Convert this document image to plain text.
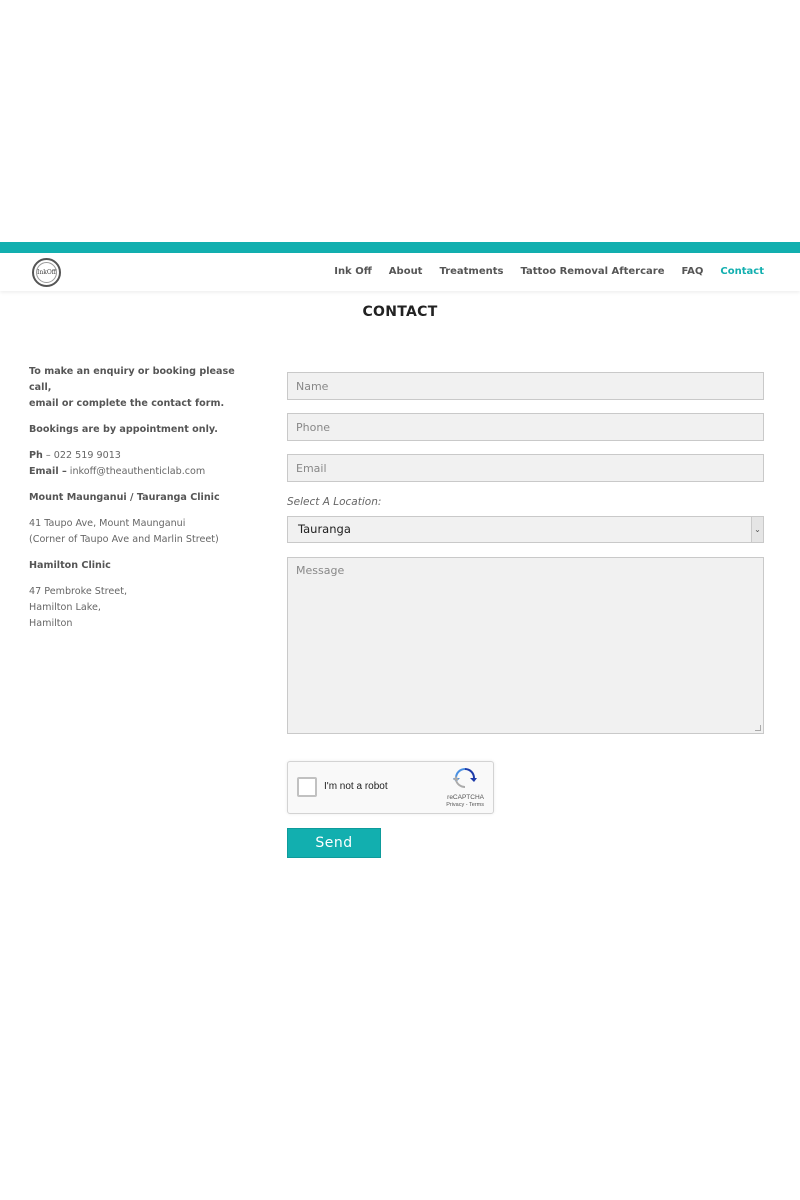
InkOff	Ink Off About Treatments Tattoo Removal Aftercare FAQ Contact
CONTACT

To make an enquiry or booking please call,
email or complete the contact form.

Bookings are by appointment only.

Ph – 022 519 9013
Email – inkoff@theauthenticlab.com

Mount Maunganui / Tauranga Clinic

41 Taupo Ave, Mount Maunganui
(Corner of Taupo Ave and Marlin Street)

Hamilton Clinic

47 Pembroke Street,
Hamilton Lake,
Hamilton

Name
Phone
Email
Select A Location:
Tauranga	⌄
Message
I'm not a robot
reCAPTCHA
Privacy - Terms
Send
